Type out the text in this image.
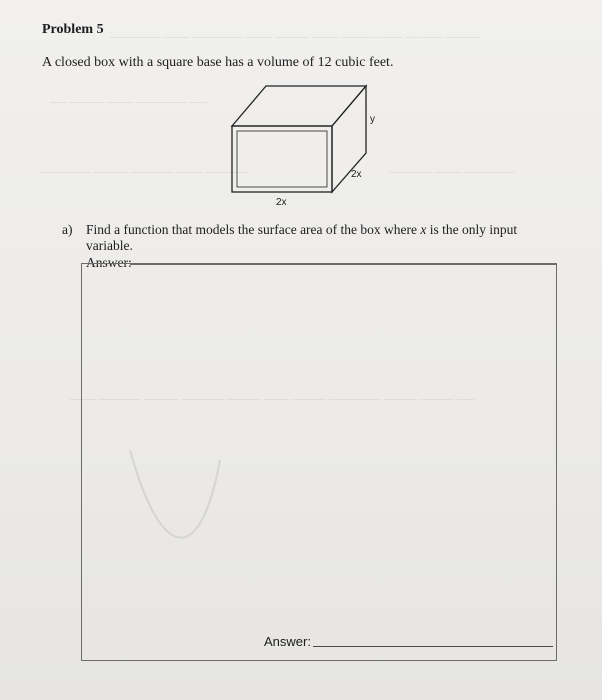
────── ─── ────── ─── ──── ─── ──── ─── ─ ─── ────
── ──── ─── ────── ──
────── ──── ───── ─── ─────	───── ─── ──────
─── ───── ──── ───── ──── ─── ──── ────── ──── ──── ──
Problem 5
A closed box with a square base has a volume of 12 cubic feet.
y
2x
2x
a) Find a function that models the surface area of the box where x is the only input variable.
Answer:
Answer:
